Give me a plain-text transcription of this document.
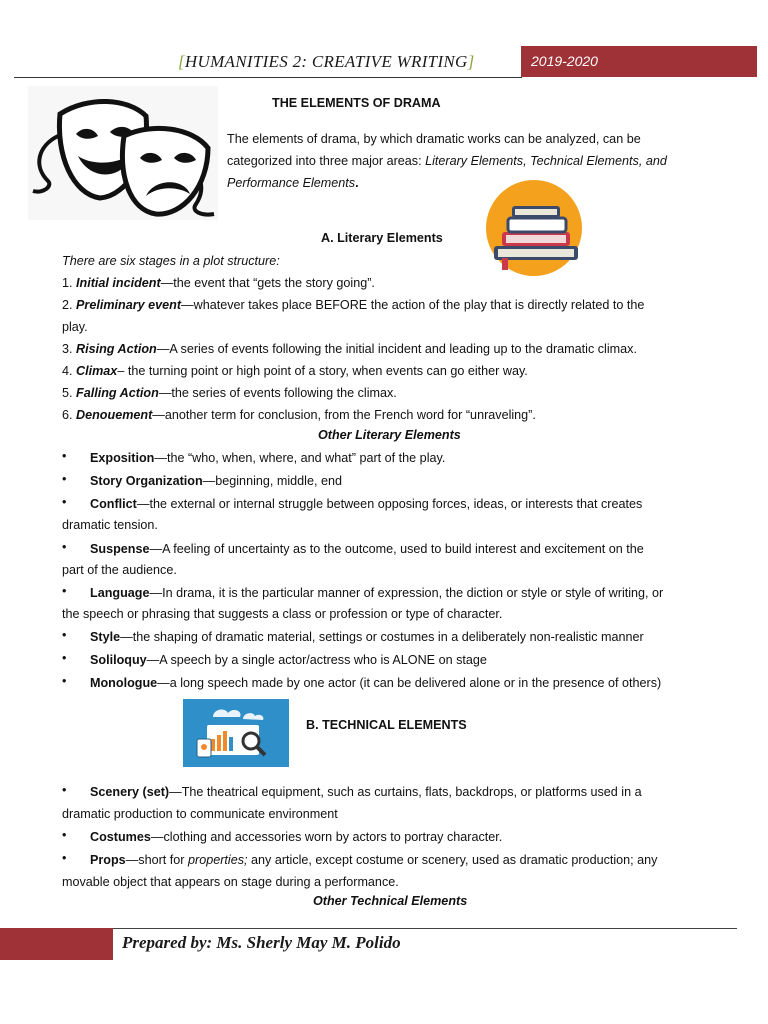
[HUMANITIES 2: CREATIVE WRITING]	2019-2020
THE ELEMENTS OF DRAMA
The elements of drama, by which dramatic works can be analyzed, can be
categorized into three major areas: Literary Elements, Technical Elements, and
Performance Elements.
A. Literary Elements
There are six stages in a plot structure:
1. Initial incident—the event that “gets the story going”.
2. Preliminary event—whatever takes place BEFORE the action of the play that is directly related to the
play.
3. Rising Action—A series of events following the initial incident and leading up to the dramatic climax.
4. Climax– the turning point or high point of a story, when events can go either way.
5. Falling Action—the series of events following the climax.
6. Denouement—another term for conclusion, from the French word for “unraveling”.
Other Literary Elements
• Exposition—the “who, when, where, and what” part of the play.
• Story Organization—beginning, middle, end
• Conflict—the external or internal struggle between opposing forces, ideas, or interests that creates
dramatic tension.
• Suspense—A feeling of uncertainty as to the outcome, used to build interest and excitement on the
part of the audience.
• Language—In drama, it is the particular manner of expression, the diction or style or style of writing, or
the speech or phrasing that suggests a class or profession or type of character.
• Style—the shaping of dramatic material, settings or costumes in a deliberately non-realistic manner
• Soliloquy—A speech by a single actor/actress who is ALONE on stage
• Monologue—a long speech made by one actor (it can be delivered alone or in the presence of others)
B. TECHNICAL ELEMENTS
• Scenery (set)—The theatrical equipment, such as curtains, flats, backdrops, or platforms used in a
dramatic production to communicate environment
• Costumes—clothing and accessories worn by actors to portray character.
• Props—short for properties; any article, except costume or scenery, used as dramatic production; any
movable object that appears on stage during a performance.
Other Technical Elements
Prepared by: Ms. Sherly May M. Polido
